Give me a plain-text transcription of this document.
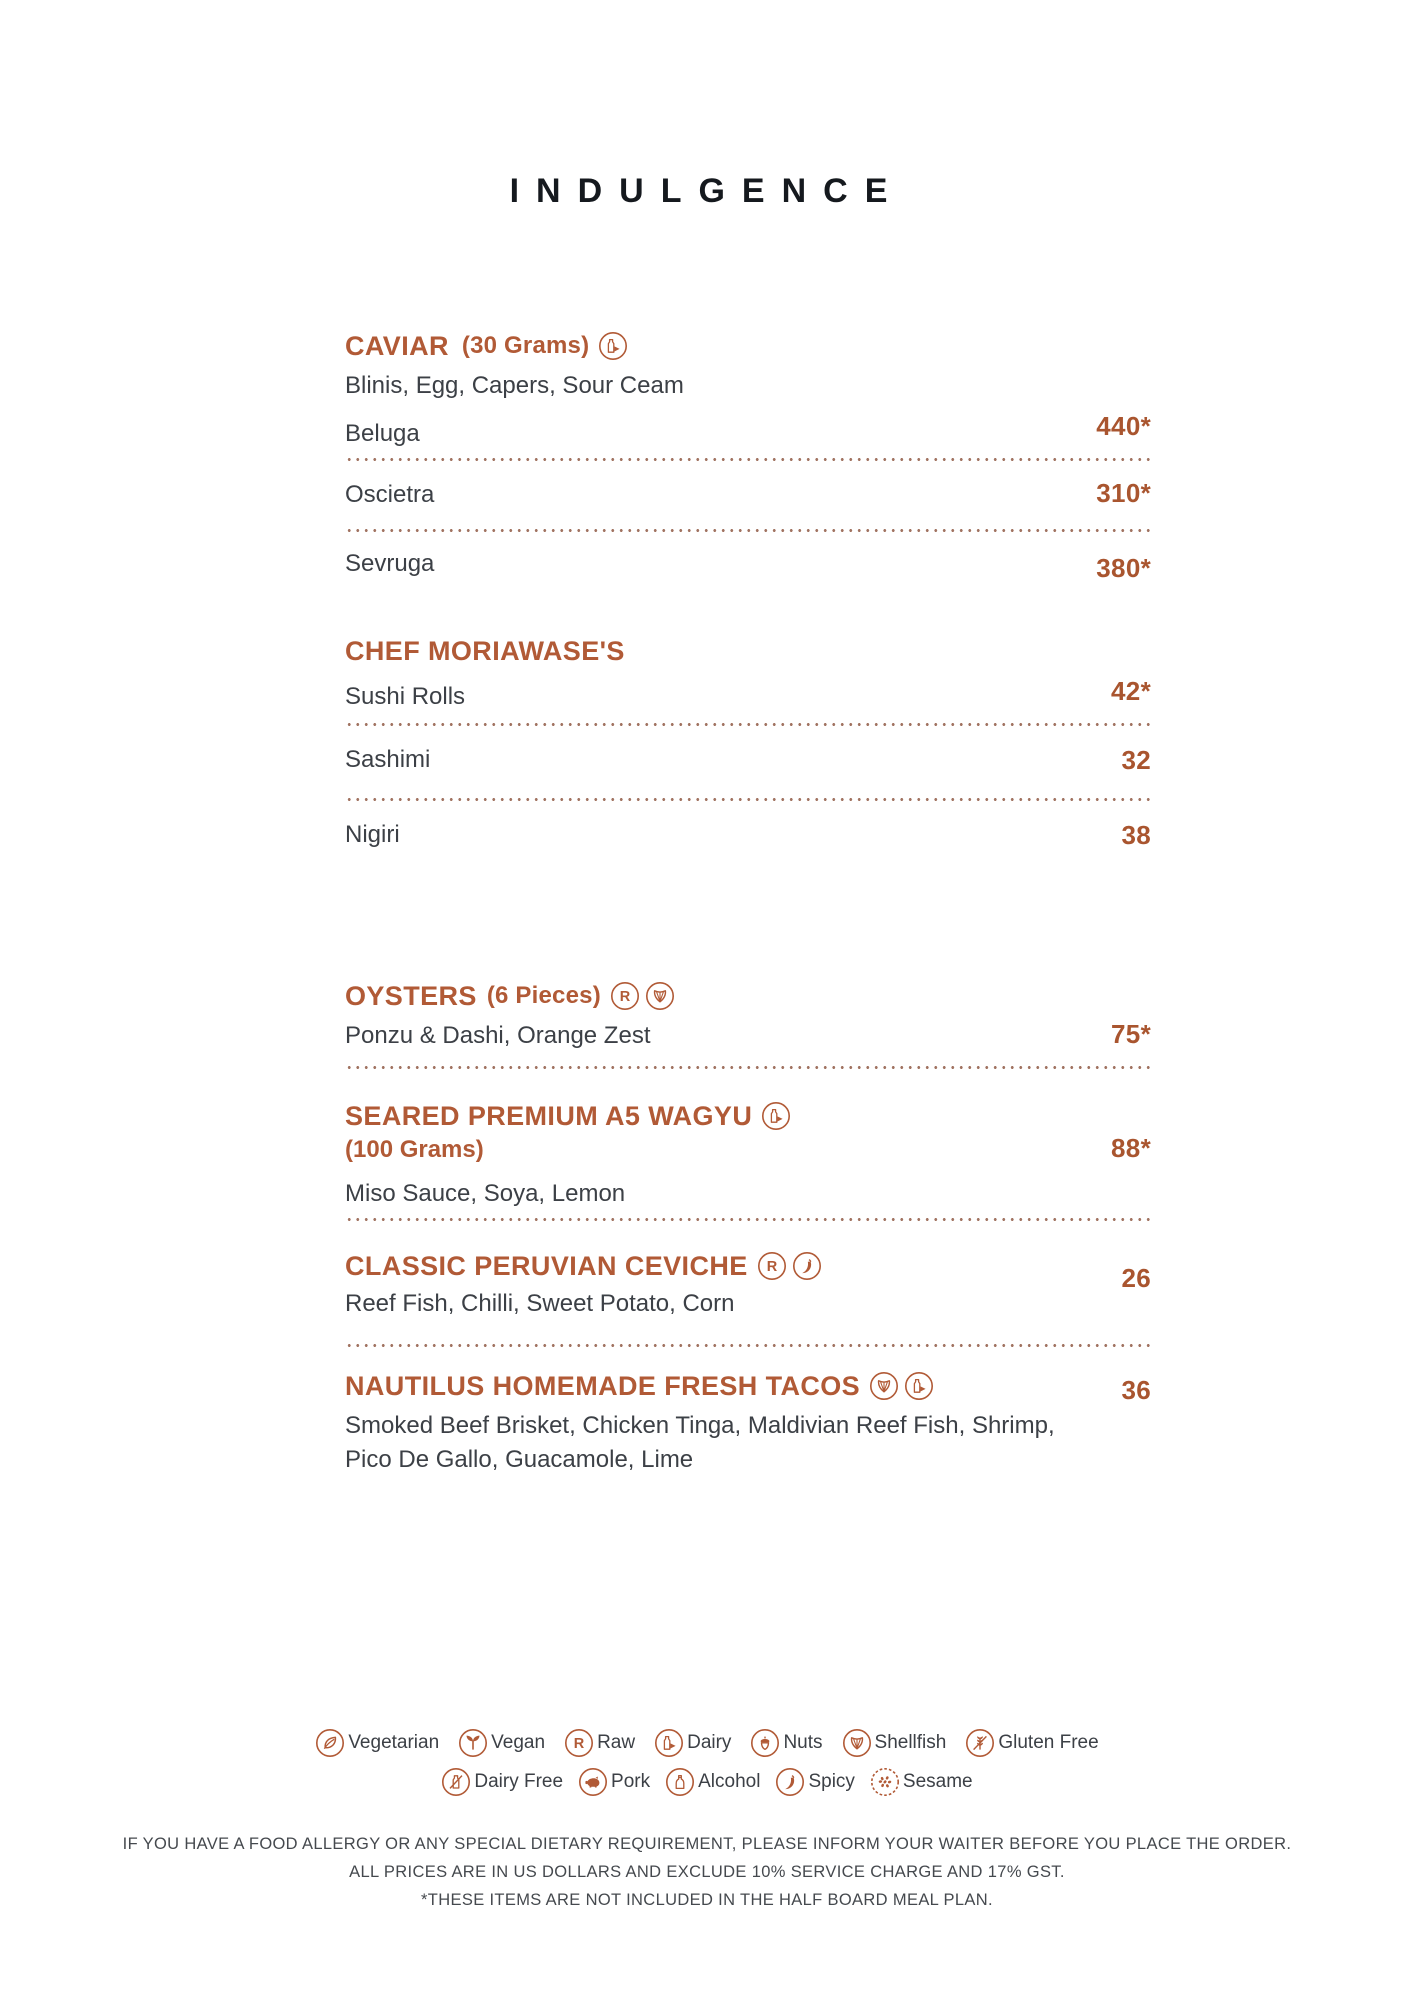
INDULGENCE
CAVIAR (30 Grams)
Blinis, Egg, Capers, Sour Ceam
Beluga	440*
Oscietra	310*
Sevruga	380*
CHEF MORIAWASE'S
Sushi Rolls	42*
Sashimi	32
Nigiri	38
OYSTERS (6 Pieces)
Ponzu & Dashi, Orange Zest	75*
SEARED PREMIUM A5 WAGYU
(100 Grams)	88*
Miso Sauce, Soya, Lemon
CLASSIC PERUVIAN CEVICHE	26
Reef Fish, Chilli, Sweet Potato, Corn
NAUTILUS HOMEMADE FRESH TACOS	36
Smoked Beef Brisket, Chicken Tinga, Maldivian Reef Fish, Shrimp,
Pico De Gallo, Guacamole, Lime
Vegetarian	Vegan	Raw	Dairy	Nuts	Shellfish	Gluten Free
Dairy Free	Pork	Alcohol	Spicy	Sesame
IF YOU HAVE A FOOD ALLERGY OR ANY SPECIAL DIETARY REQUIREMENT, PLEASE INFORM YOUR WAITER BEFORE YOU PLACE THE ORDER.
ALL PRICES ARE IN US DOLLARS AND EXCLUDE 10% SERVICE CHARGE AND 17% GST.
*THESE ITEMS ARE NOT INCLUDED IN THE HALF BOARD MEAL PLAN.
